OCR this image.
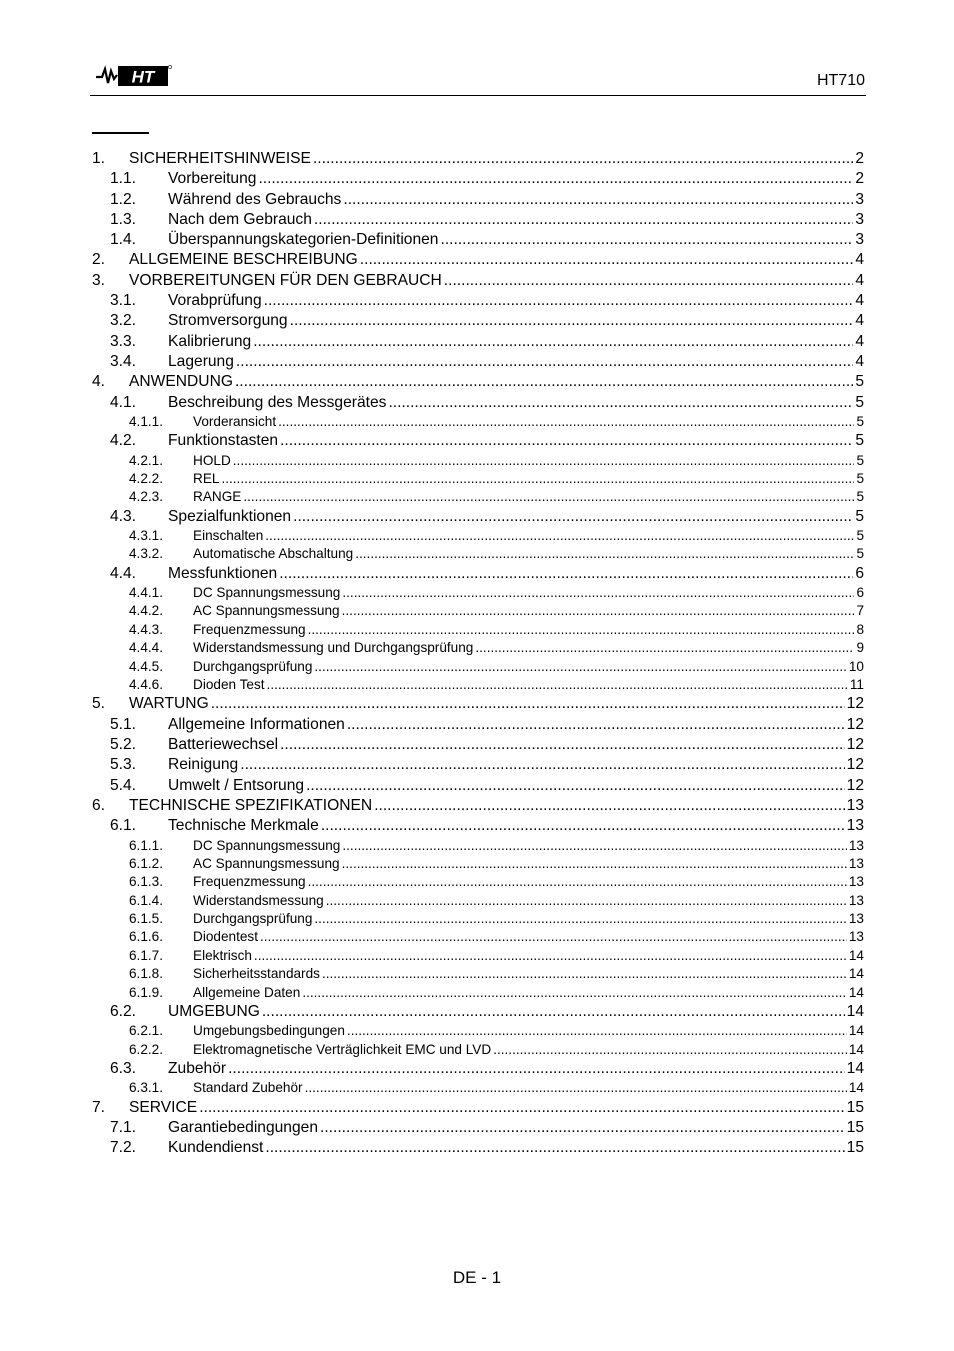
HT	HT710
1.	SICHERHEITSHINWEISE .....	2
1.1.	Vorbereitung .....	2
1.2.	Während des Gebrauchs .....	3
1.3.	Nach dem Gebrauch .....	3
1.4.	Überspannungskategorien-Definitionen .....	3
2.	ALLGEMEINE BESCHREIBUNG .....	4
3.	VORBEREITUNGEN FÜR DEN GEBRAUCH .....	4
3.1.	Vorabprüfung .....	4
3.2.	Stromversorgung .....	4
3.3.	Kalibrierung .....	4
3.4.	Lagerung .....	4
4.	ANWENDUNG .....	5
4.1.	Beschreibung des Messgerätes .....	5
4.1.1.	Vorderansicht .....	5
4.2.	Funktionstasten .....	5
4.2.1.	HOLD .....	5
4.2.2.	REL .....	5
4.2.3.	RANGE .....	5
4.3.	Spezialfunktionen .....	5
4.3.1.	Einschalten .....	5
4.3.2.	Automatische Abschaltung .....	5
4.4.	Messfunktionen .....	6
4.4.1.	DC Spannungsmessung .....	6
4.4.2.	AC Spannungsmessung .....	7
4.4.3.	Frequenzmessung .....	8
4.4.4.	Widerstandsmessung und Durchgangsprüfung .....	9
4.4.5.	Durchgangsprüfung .....	10
4.4.6.	Dioden Test .....	11
5.	WARTUNG .....	12
5.1.	Allgemeine Informationen .....	12
5.2.	Batteriewechsel .....	12
5.3.	Reinigung .....	12
5.4.	Umwelt / Entsorung .....	12
6.	TECHNISCHE SPEZIFIKATIONEN .....	13
6.1.	Technische Merkmale .....	13
6.1.1.	DC Spannungsmessung .....	13
6.1.2.	AC Spannungsmessung .....	13
6.1.3.	Frequenzmessung .....	13
6.1.4.	Widerstandsmessung .....	13
6.1.5.	Durchgangsprüfung .....	13
6.1.6.	Diodentest .....	13
6.1.7.	Elektrisch .....	14
6.1.8.	Sicherheitsstandards .....	14
6.1.9.	Allgemeine Daten .....	14
6.2.	UMGEBUNG .....	14
6.2.1.	Umgebungsbedingungen .....	14
6.2.2.	Elektromagnetische Verträglichkeit EMC und LVD .....	14
6.3.	Zubehör .....	14
6.3.1.	Standard Zubehör .....	14
7.	SERVICE .....	15
7.1.	Garantiebedingungen .....	15
7.2.	Kundendienst .....	15
DE - 1
